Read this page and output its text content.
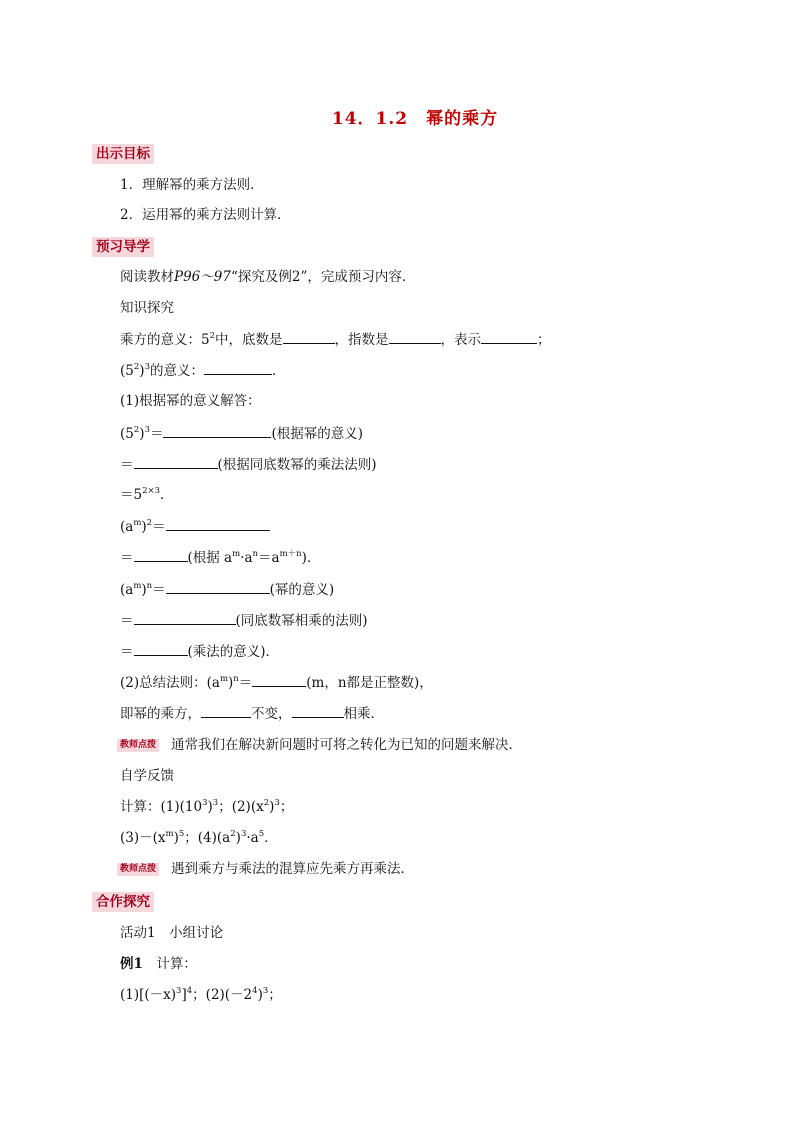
14．1.2　幂的乘方
出示目标
1．理解幂的乘方法则．
2．运用幂的乘方法则计算．
预习导学
阅读教材P96～97“探究及例2”，完成预习内容．
知识探究
乘方的意义：$5^2$中，底数是	，指数是	，表示	；
$(5^2)^3$的意义：	．
(1)根据幂的意义解答：
$(5^2)^3=$	(根据幂的意义)
＝	(根据同底数幂的乘法法则)
$=5^{2\times 3}$．
$(a^m)^2=$
＝	(根据 $a^m\cdot a^n=a^{m+n}$)．
$(a^m)^n=$	(幂的意义)
＝	(同底数幂相乘的法则)
＝	(乘法的意义)．
(2)总结法则：$(a^m)^n=$	(m，n都是正整数)，
即幂的乘方，	不变，	相乘．
教师点拨 通常我们在解决新问题时可将之转化为已知的问题来解决．
自学反馈
计算：$(1)(10^3)^3$；$(2)(x^2)^3$；
$(3)-(x^m)^5$；$(4)(a^2)^3\cdot a^5$．
教师点拨 遇到乘方与乘法的混算应先乘方再乘法．
合作探究
活动1　小组讨论
例1　计算：
$(1)[(-x)^3]^4$；$(2)(-2^4)^3$；
